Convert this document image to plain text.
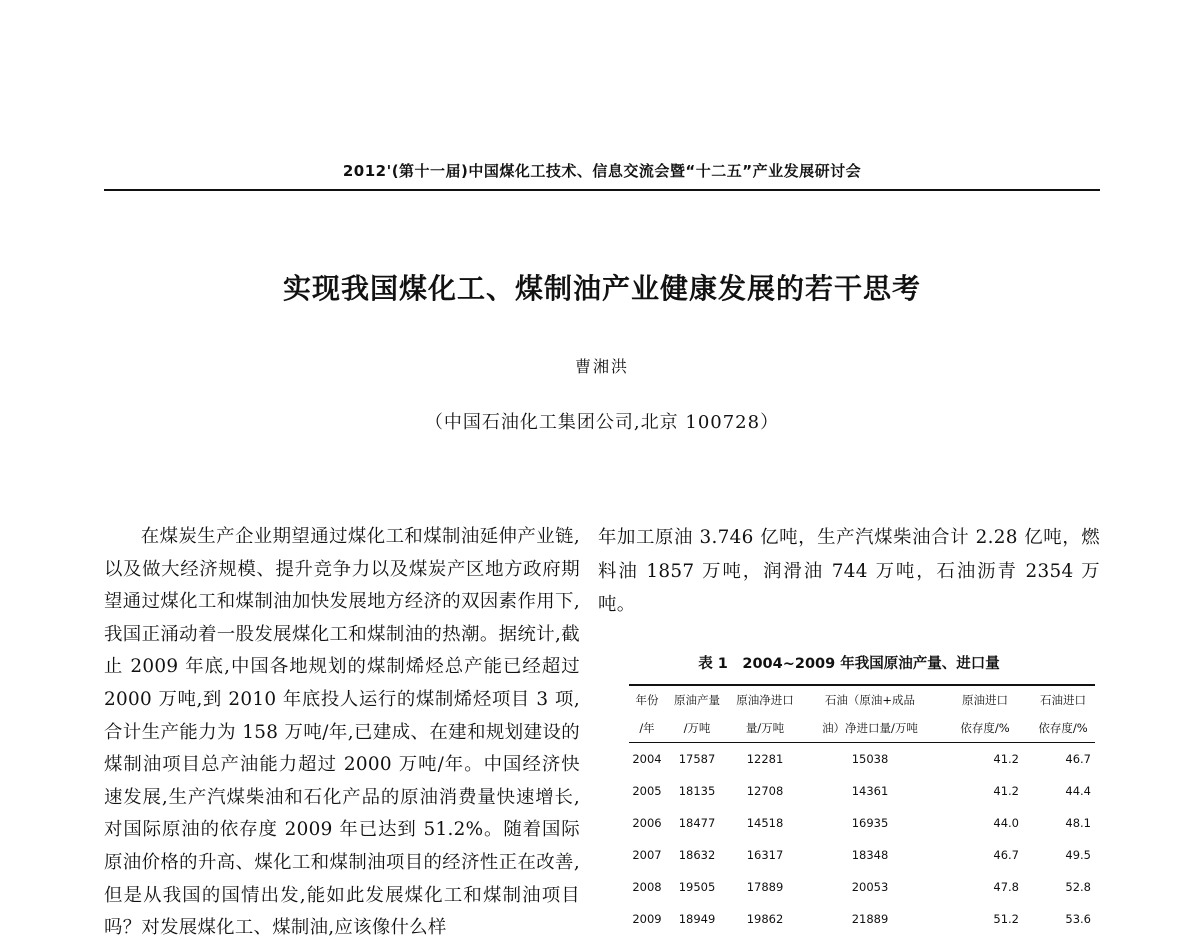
2012'(第十一届)中国煤化工技术、信息交流会暨“十二五”产业发展研讨会
实现我国煤化工、煤制油产业健康发展的若干思考
曹湘洪
（中国石油化工集团公司,北京 100728）
在煤炭生产企业期望通过煤化工和煤制油延伸产业链,以及做大经济规模、提升竞争力以及煤炭产区地方政府期望通过煤化工和煤制油加快发展地方经济的双因素作用下,我国正涌动着一股发展煤化工和煤制油的热潮。据统计,截止 2009 年底,中国各地规划的煤制烯烃总产能已经超过 2000 万吨,到 2010 年底投人运行的煤制烯烃项目 3 项,合计生产能力为 158 万吨/年,已建成、在建和规划建设的煤制油项目总产油能力超过 2000 万吨/年。中国经济快速发展,生产汽煤柴油和石化产品的原油消费量快速增长,对国际原油的依存度 2009 年已达到 51.2%。随着国际原油价格的升高、煤化工和煤制油项目的经济性正在改善,但是从我国的国情出发,能如此发展煤化工和煤制油项目吗？对发展煤化工、煤制油,应该像什么样
年加工原油 3.746 亿吨，生产汽煤柴油合计 2.28 亿吨，燃料油 1857 万吨，润滑油 744 万吨，石油沥青 2354 万吨。
表 1　2004~2009 年我国原油产量、进口量
年份	原油产量	原油净进口	石油（原油+成品	原油进口	石油进口
/年	/万吨	量/万吨	油）净进口量/万吨	依存度/%	依存度/%
2004	17587	12281	15038	41.2	46.7
2005	18135	12708	14361	41.2	44.4
2006	18477	14518	16935	44.0	48.1
2007	18632	16317	18348	46.7	49.5
2008	19505	17889	20053	47.8	52.8
2009	18949	19862	21889	51.2	53.6
